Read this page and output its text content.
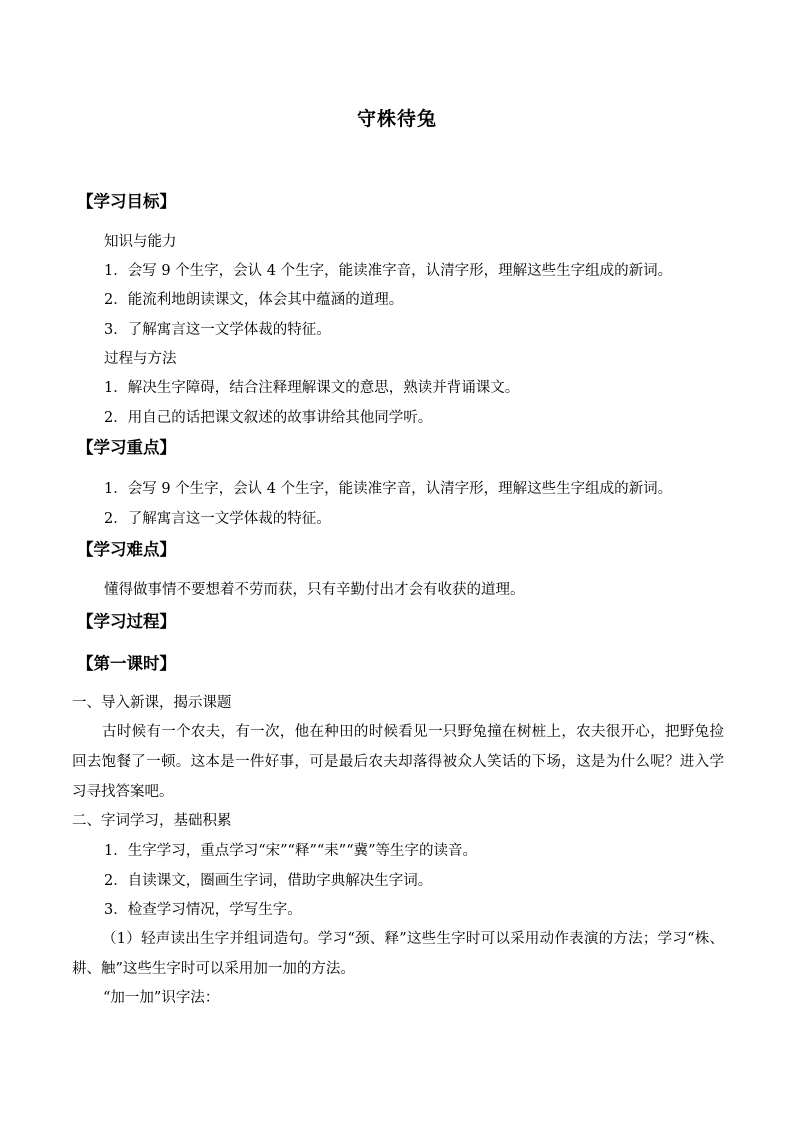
守株待兔
【学习目标】
知识与能力
1．会写 9 个生字，会认 4 个生字，能读准字音，认清字形，理解这些生字组成的新词。
2．能流利地朗读课文，体会其中蕴涵的道理。
3．了解寓言这一文学体裁的特征。
过程与方法
1．解决生字障碍，结合注释理解课文的意思，熟读并背诵课文。
2．用自己的话把课文叙述的故事讲给其他同学听。
【学习重点】
1．会写 9 个生字，会认 4 个生字，能读准字音，认清字形，理解这些生字组成的新词。
2．了解寓言这一文学体裁的特征。
【学习难点】
懂得做事情不要想着不劳而获，只有辛勤付出才会有收获的道理。
【学习过程】
【第一课时】
一、导入新课，揭示课题
古时候有一个农夫，有一次，他在种田的时候看见一只野兔撞在树桩上，农夫很开心，把野兔捡回去饱餐了一顿。这本是一件好事，可是最后农夫却落得被众人笑话的下场，这是为什么呢？进入学习寻找答案吧。
二、字词学习，基础积累
1．生字学习，重点学习“宋”“释”“耒”“冀”等生字的读音。
2．自读课文，圈画生字词，借助字典解决生字词。
3．检查学习情况，学写生字。
（1）轻声读出生字并组词造句。学习“颈、释”这些生字时可以采用动作表演的方法；学习“株、耕、触”这些生字时可以采用加一加的方法。
“加一加”识字法：
